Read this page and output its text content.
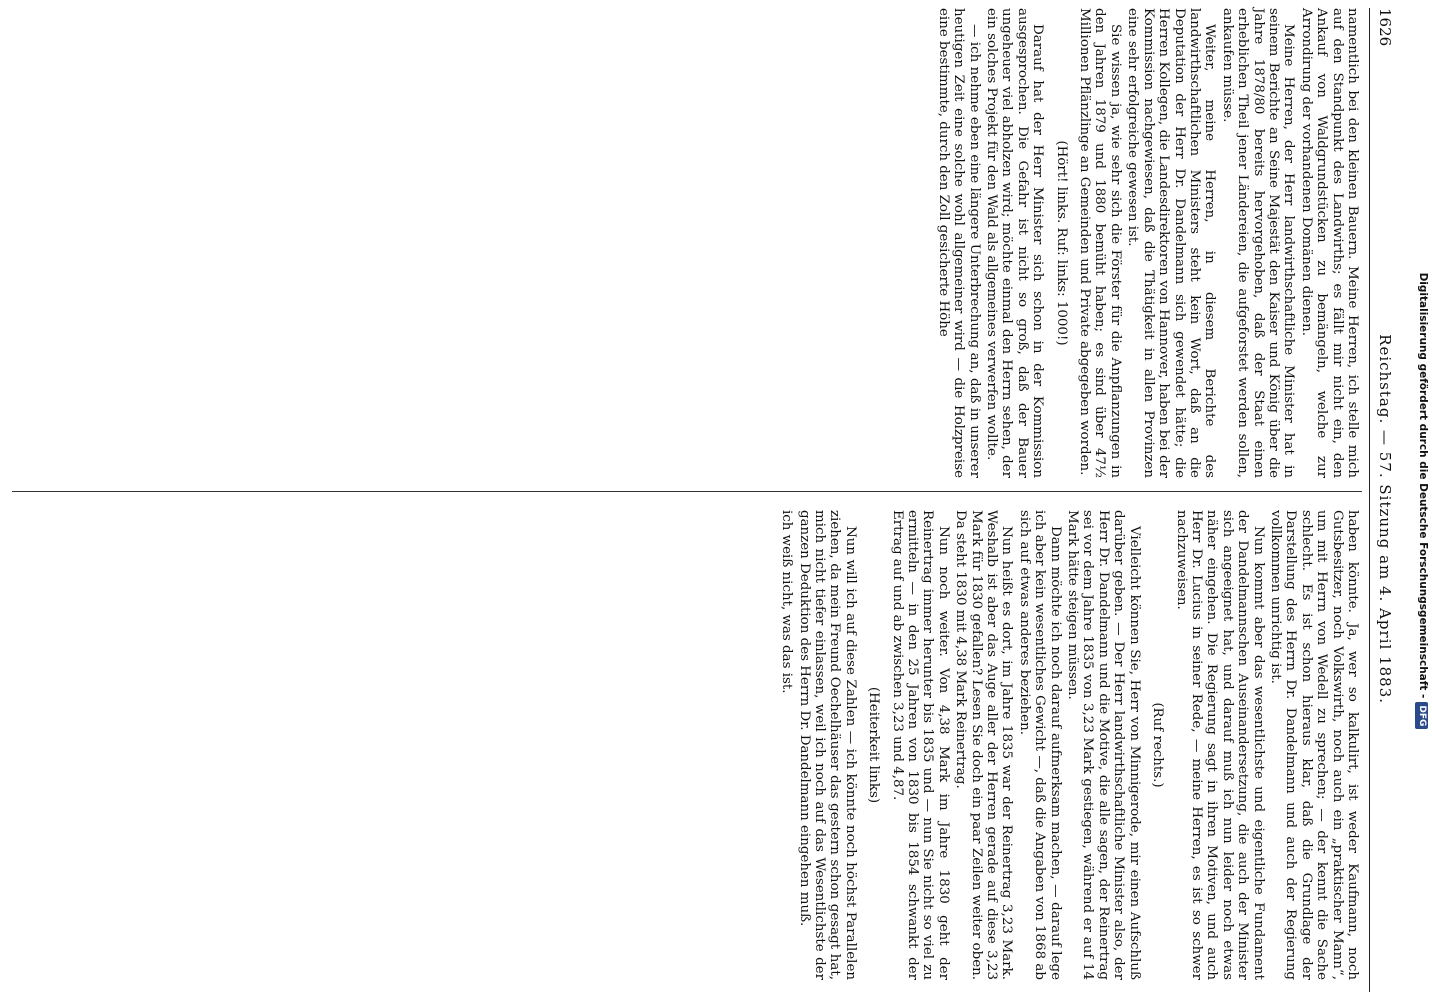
1626
Reichstag. — 57. Sitzung am 4. April 1883.

namentlich bei den kleinen Bauern. Meine Herren, ich stelle mich auf den Standpunkt des Landwirths; es fällt mir nicht ein, den Ankauf von Waldgrundstücken zu bemängeln, welche zur Arrondirung der vorhandenen Domänen dienen.

Meine Herren, der Herr landwirthschaftliche Minister hat in seinem Berichte an Seine Majestät den Kaiser und König über die Jahre 1878/80 bereits hervorgehoben, daß der Staat einen erheblichen Theil jener Ländereien, die aufgeforstet werden sollen, ankaufen müsse.

Weiter, meine Herren, in diesem Berichte des landwirthschaftlichen Ministers steht kein Wort, daß an die Deputation der Herr Dr. Dandelmann sich gewendet hätte; die Herren Kollegen, die Landesdirektoren von Hannover, haben bei der Kommission nachgewiesen, daß die Thätigkeit in allen Provinzen eine sehr erfolgreiche gewesen ist.

Sie wissen ja, wie sehr sich die Förster für die Anpflanzungen in den Jahren 1879 und 1880 bemüht haben; es sind über 47½ Millionen Pflänzlinge an Gemeinden und Private abgegeben worden.

(Hört! links. Ruf: links: 1000!)

Darauf hat der Herr Minister sich schon in der Kommission ausgesprochen. Die Gefahr ist nicht so groß, daß der Bauer ungeheuer viel abholzen wird; möchte einmal den Herrn sehen, der ein solches Projekt für den Wald als allgemeines verwerfen wollte.

— ich nehme eben eine längere Unterbrechung an, daß in unserer heutigen Zeit eine solche wohl allgemeiner wird — die Holzpreise eine bestimmte, durch den Zoll gesicherte Höhe

haben könnte. Ja, wer so kalkulirt, ist weder Kaufmann, noch Gutsbesitzer, noch Volkswirth, noch auch ein „praktischer Mann“, um mit Herrn von Wedell zu sprechen; — der kennt die Sache schlecht. Es ist schon hieraus klar, daß die Grundlage der Darstellung des Herrn Dr. Dandelmann und auch der Regierung vollkommen unrichtig ist.

Nun kommt aber das wesentlichste und eigentliche Fundament der Dandelmannschen Auseinandersetzung, die auch der Minister sich angeeignet hat, und darauf muß ich nun leider noch etwas näher eingehen. Die Regierung sagt in ihren Motiven, und auch Herr Dr. Lucius in seiner Rede, — meine Herren, es ist so schwer nachzuweisen.

(Ruf rechts.)

Vielleicht können Sie, Herr von Minnigerode, mir einen Aufschluß darüber geben. — Der Herr landwirthschaftliche Minister also, der Herr Dr. Dandelmann und die Motive, die alle sagen, der Reinertrag sei vor dem Jahre 1835 von 3,23 Mark gestiegen, während er auf 14 Mark hätte steigen müssen.

Dann möchte ich noch darauf aufmerksam machen, — darauf lege ich aber kein wesentliches Gewicht —, daß die Angaben von 1868 ab sich auf etwas anderes beziehen.

Nun heißt es dort, im Jahre 1835 war der Reinertrag 3,23 Mark. Weshalb ist aber das Auge aller der Herren gerade auf diese 3,23 Mark für 1830 gefallen? Lesen Sie doch ein paar Zeilen weiter oben. Da steht 1830 mit 4,38 Mark Reinertrag.

Nun noch weiter. Von 4,38 Mark im Jahre 1830 geht der Reinertrag immer herunter bis 1835 und — nun Sie nicht so viel zu ermitteln — in den 25 Jahren von 1830 bis 1854 schwankt der Ertrag auf und ab zwischen 3,23 und 4,87.

(Heiterkeit links)

Nun will ich auf diese Zahlen — ich könnte noch höchst Parallelen ziehen, da mein Freund Oechelhäuser das gestern schon gesagt hat, mich nicht tiefer einlassen, weil ich noch auf das Wesentlichste der ganzen Deduktion des Herrn Dr. Dandelmann eingehen muß.

ich weiß nicht, was das ist.	Digitalisierung gefördert durch die Deutsche Forschungsgemeinschaft -DFG
